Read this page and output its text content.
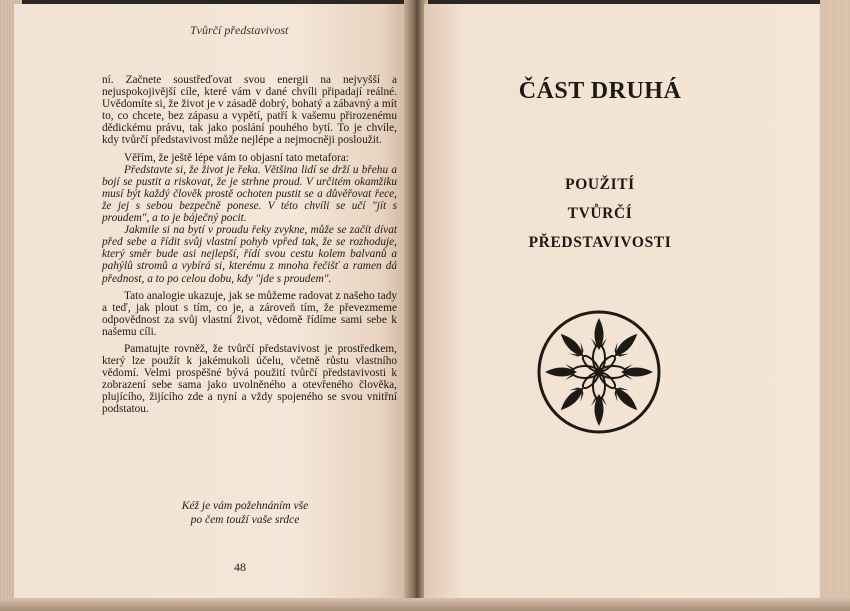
Tvůrčí představivost

ní. Začnete soustřeďovat svou energii na nejvyšší a nejuspokojivější cíle, které vám v dané chvíli připadají reálné. Uvědomíte si, že život je v zásadě dobrý, bohatý a zábavný a mít to, co chcete, bez zápasu a vypětí, patří k vašemu přirozenému dědickému právu, tak jako poslání pouhého bytí. To je chvíle, kdy tvůrčí představivost může nejlépe a nejmocněji posloužit.

Věřím, že ještě lépe vám to objasní tato metafora:

Představte si, že život je řeka. Většina lidí se drží u břehu a bojí se pustit a riskovat, že je strhne proud. V určitém okamžiku musí být každý člověk prostě ochoten pustit se a důvěřovat řece, že jej s sebou bezpečně ponese. V této chvíli se učí "jít s proudem", a to je báječný pocit.

Jakmile si na bytí v proudu řeky zvykne, může se začít dívat před sebe a řídit svůj vlastní pohyb vpřed tak, že se rozhoduje, který směr bude asi nejlepší, řídí svou cestu kolem balvanů a pahýlů stromů a vybírá si, kterému z mnoha řečišť a ramen dá přednost, a to po celou dobu, kdy "jde s proudem".

Tato analogie ukazuje, jak se můžeme radovat z našeho tady a teď, jak plout s tím, co je, a zároveň tím, že převezmeme odpovědnost za svůj vlastní život, vědomě řídíme sami sebe k našemu cíli.

Pamatujte rovněž, že tvůrčí představivost je prostředkem, který lze použít k jakémukoli účelu, včetně růstu vlastního vědomí. Velmi prospěšné bývá použití tvůrčí představivosti k zobrazení sebe sama jako uvolněného a otevřeného člověka, plujícího, žijícího zde a nyní a vždy spojeného se svou vnitřní podstatou.

Kéž je vám požehnáním vše
po čem touží vaše srdce
48
ČÁST DRUHÁ
POUŽITÍ
TVŮRČÍ
PŘEDSTAVIVOSTI
